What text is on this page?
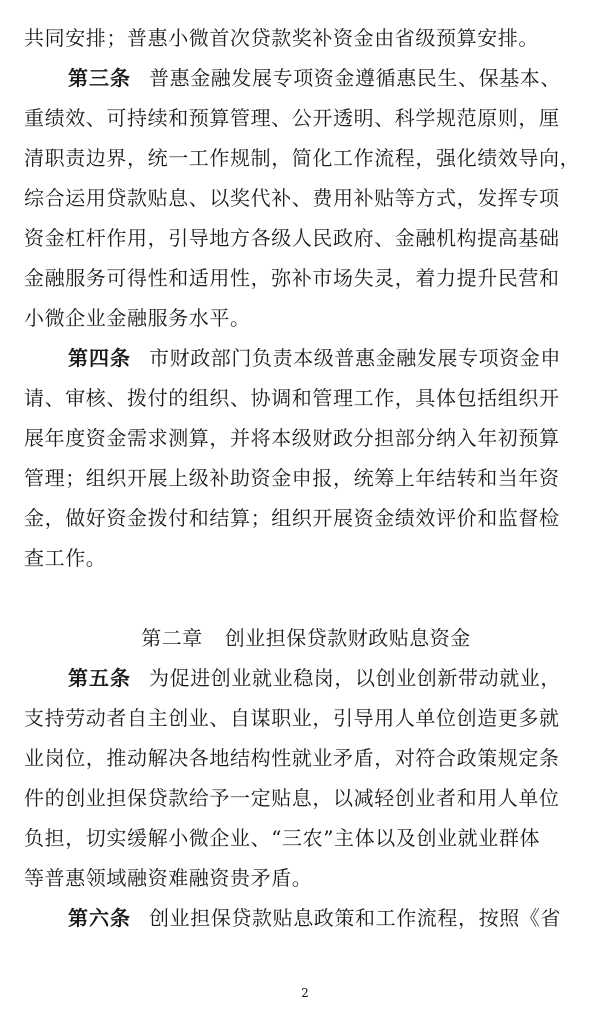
共同安排；普惠小微首次贷款奖补资金由省级预算安排。
第三条 普惠金融发展专项资金遵循惠民生、保基本、
重绩效、可持续和预算管理、公开透明、科学规范原则，厘
清职责边界，统一工作规制，简化工作流程，强化绩效导向，
综合运用贷款贴息、以奖代补、费用补贴等方式，发挥专项
资金杠杆作用，引导地方各级人民政府、金融机构提高基础
金融服务可得性和适用性，弥补市场失灵，着力提升民营和
小微企业金融服务水平。
第四条 市财政部门负责本级普惠金融发展专项资金申
请、审核、拨付的组织、协调和管理工作，具体包括组织开
展年度资金需求测算，并将本级财政分担部分纳入年初预算
管理；组织开展上级补助资金申报，统筹上年结转和当年资
金，做好资金拨付和结算；组织开展资金绩效评价和监督检
查工作。
第二章 创业担保贷款财政贴息资金
第五条 为促进创业就业稳岗，以创业创新带动就业，
支持劳动者自主创业、自谋职业，引导用人单位创造更多就
业岗位，推动解决各地结构性就业矛盾，对符合政策规定条
件的创业担保贷款给予一定贴息，以减轻创业者和用人单位
负担，切实缓解小微企业、“三农”主体以及创业就业群体
等普惠领域融资难融资贵矛盾。
第六条 创业担保贷款贴息政策和工作流程，按照《省
2
